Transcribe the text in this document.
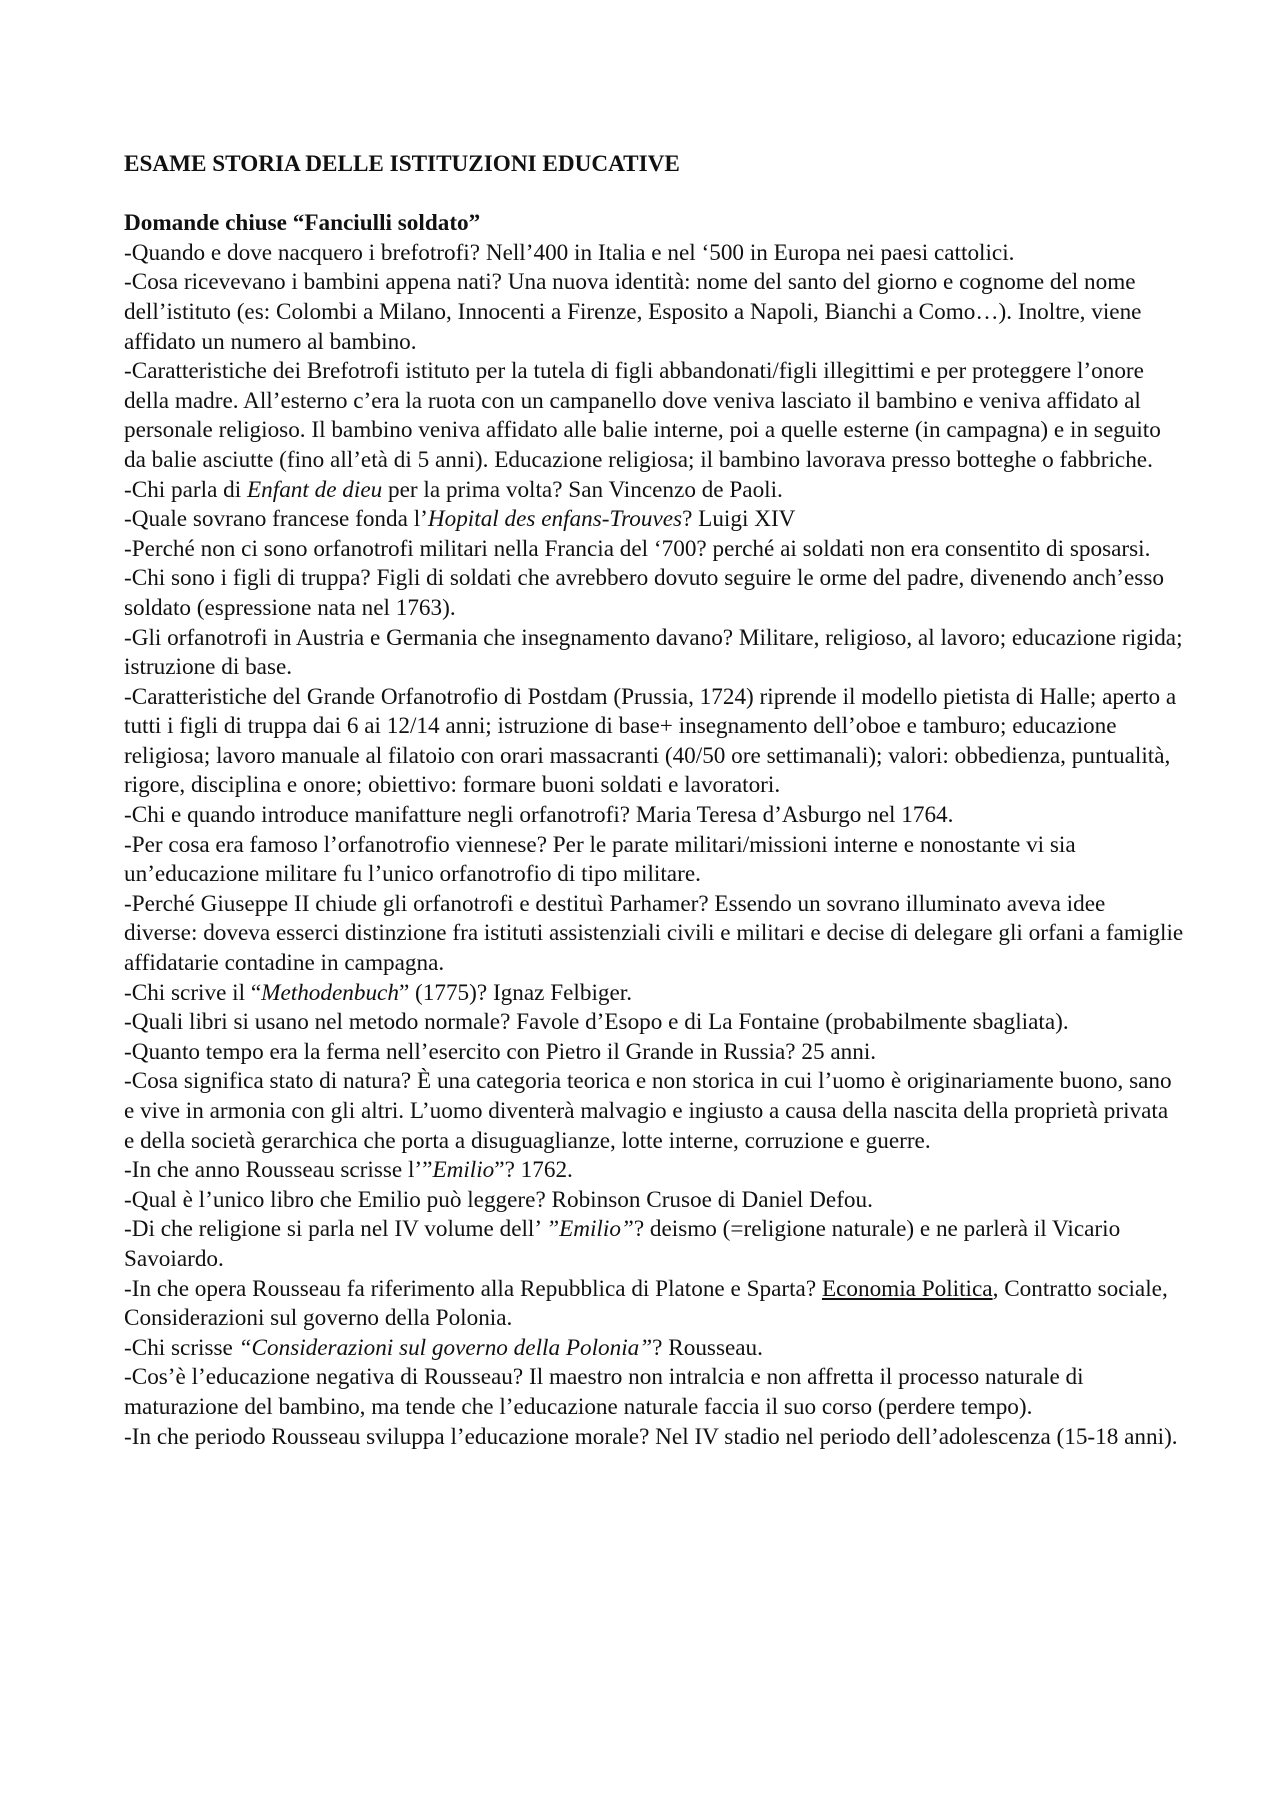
ESAME STORIA DELLE ISTITUZIONI EDUCATIVE

Domande chiuse “Fanciulli soldato”

-Quando e dove nacquero i brefotrofi? Nell’400 in Italia e nel ‘500 in Europa nei paesi cattolici.

-Cosa ricevevano i bambini appena nati? Una nuova identità: nome del santo del giorno e cognome del nome dell’istituto (es: Colombi a Milano, Innocenti a Firenze, Esposito a Napoli, Bianchi a Como…). Inoltre, viene affidato un numero al bambino.

-Caratteristiche dei Brefotrofi istituto per la tutela di figli abbandonati/figli illegittimi e per proteggere l’onore della madre. All’esterno c’era la ruota con un campanello dove veniva lasciato il bambino e veniva affidato al personale religioso. Il bambino veniva affidato alle balie interne, poi a quelle esterne (in campagna) e in seguito da balie asciutte (fino all’età di 5 anni). Educazione religiosa; il bambino lavorava presso botteghe o fabbriche.

-Chi parla di Enfant de dieu per la prima volta? San Vincenzo de Paoli.

-Quale sovrano francese fonda l’Hopital des enfans-Trouves? Luigi XIV

-Perché non ci sono orfanotrofi militari nella Francia del ‘700? perché ai soldati non era consentito di sposarsi.

-Chi sono i figli di truppa? Figli di soldati che avrebbero dovuto seguire le orme del padre, divenendo anch’esso soldato (espressione nata nel 1763).

-Gli orfanotrofi in Austria e Germania che insegnamento davano? Militare, religioso, al lavoro; educazione rigida; istruzione di base.

-Caratteristiche del Grande Orfanotrofio di Postdam (Prussia, 1724) riprende il modello pietista di Halle; aperto a tutti i figli di truppa dai 6 ai 12/14 anni; istruzione di base+ insegnamento dell’oboe e tamburo; educazione religiosa; lavoro manuale al filatoio con orari massacranti (40/50 ore settimanali); valori: obbedienza, puntualità, rigore, disciplina e onore; obiettivo: formare buoni soldati e lavoratori.

-Chi e quando introduce manifatture negli orfanotrofi? Maria Teresa d’Asburgo nel 1764.

-Per cosa era famoso l’orfanotrofio viennese? Per le parate militari/missioni interne e nonostante vi sia un’educazione militare fu l’unico orfanotrofio di tipo militare.

-Perché Giuseppe II chiude gli orfanotrofi e destituì Parhamer? Essendo un sovrano illuminato aveva idee diverse: doveva esserci distinzione fra istituti assistenziali civili e militari e decise di delegare gli orfani a famiglie affidatarie contadine in campagna.

-Chi scrive il “Methodenbuch” (1775)? Ignaz Felbiger.

-Quali libri si usano nel metodo normale? Favole d’Esopo e di La Fontaine (probabilmente sbagliata).

-Quanto tempo era la ferma nell’esercito con Pietro il Grande in Russia? 25 anni.

-Cosa significa stato di natura? È una categoria teorica e non storica in cui l’uomo è originariamente buono, sano e vive in armonia con gli altri. L’uomo diventerà malvagio e ingiusto a causa della nascita della proprietà privata e della società gerarchica che porta a disuguaglianze, lotte interne, corruzione e guerre.

-In che anno Rousseau scrisse l’”Emilio”? 1762.

-Qual è l’unico libro che Emilio può leggere? Robinson Crusoe di Daniel Defou.

-Di che religione si parla nel IV volume dell’ ”Emilio”? deismo (=religione naturale) e ne parlerà il Vicario Savoiardo.

-In che opera Rousseau fa riferimento alla Repubblica di Platone e Sparta? Economia Politica, Contratto sociale, Considerazioni sul governo della Polonia.

-Chi scrisse “Considerazioni sul governo della Polonia”? Rousseau.

-Cos’è l’educazione negativa di Rousseau? Il maestro non intralcia e non affretta il processo naturale di maturazione del bambino, ma tende che l’educazione naturale faccia il suo corso (perdere tempo).

-In che periodo Rousseau sviluppa l’educazione morale? Nel IV stadio nel periodo dell’adolescenza (15-18 anni).
